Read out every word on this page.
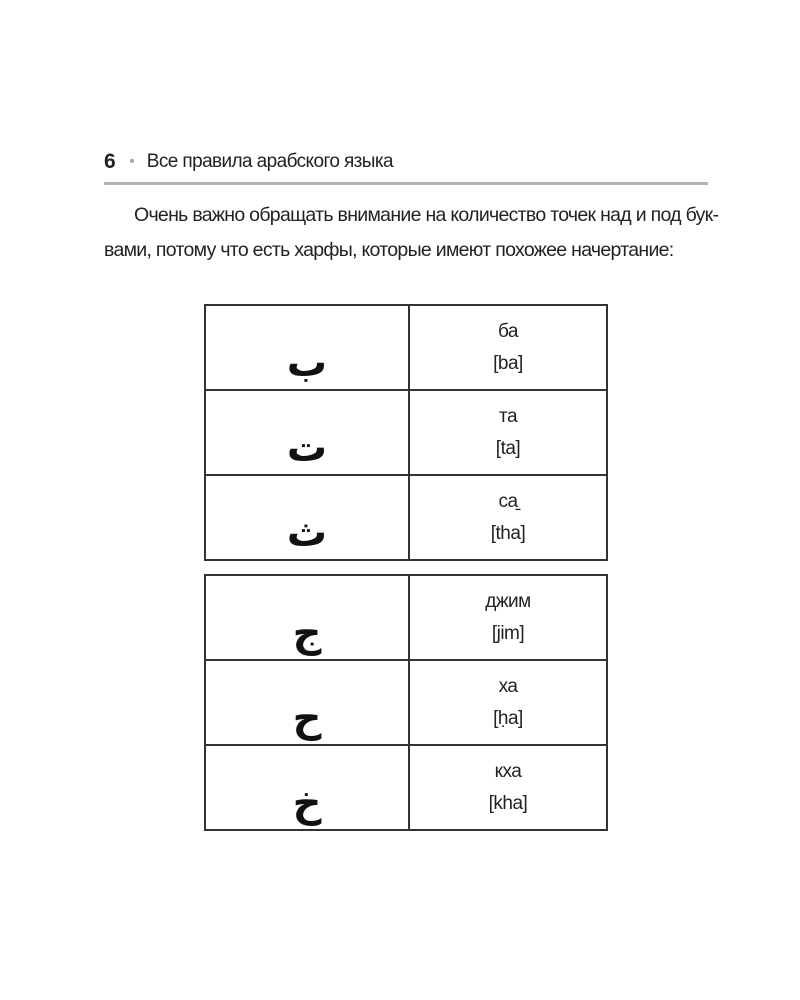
6 • Все правила арабского языка

Очень важно обращать внимание на количество точек над и под бук-
вами, потому что есть харфы, которые имеют похожее начертание:

ب
ба
[ba]
ت
та
[ta]
ث
са̱
[tha]
ج
джим
[jim]
ح
ха
[ḥa]
خ
кха
[kha]
